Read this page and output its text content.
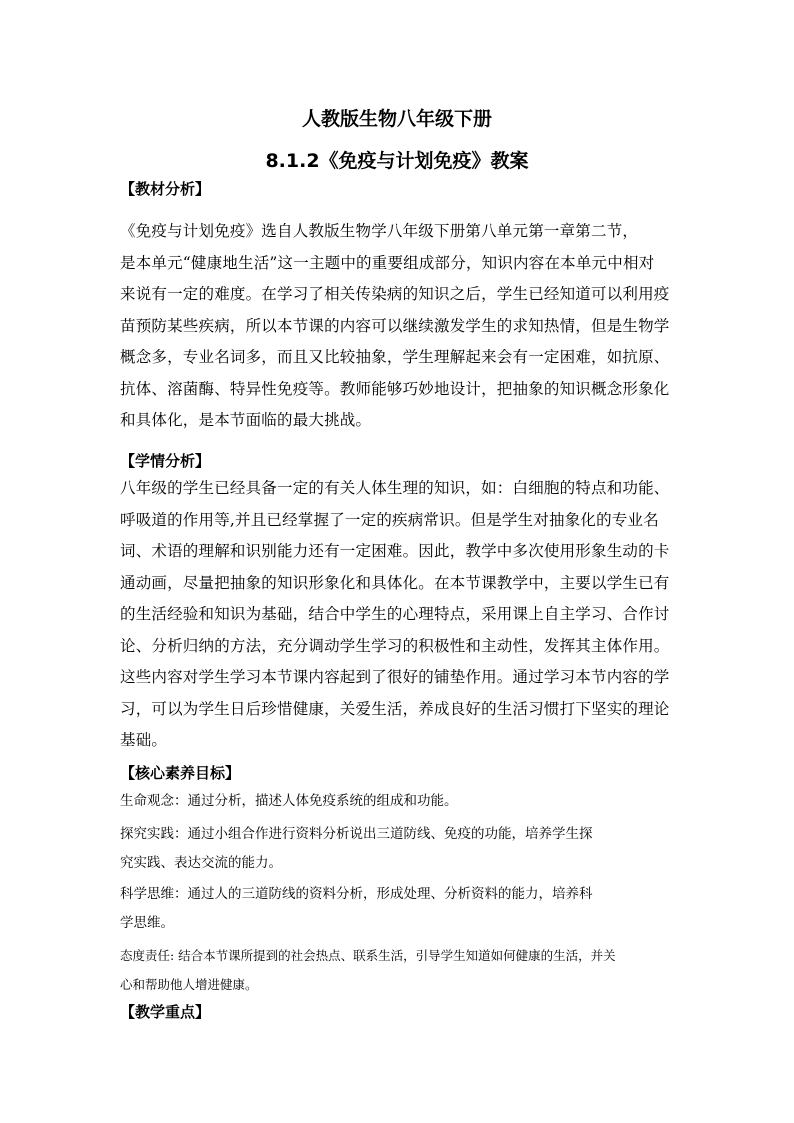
人教版生物八年级下册
8.1.2《免疫与计划免疫》教案
【教材分析】

《免疫与计划免疫》选自人教版生物学八年级下册第八单元第一章第二节，
是本单元“健康地生活”这一主题中的重要组成部分，知识内容在本单元中相对
来说有一定的难度。在学习了相关传染病的知识之后，学生已经知道可以利用疫
苗预防某些疾病，所以本节课的内容可以继续激发学生的求知热情，但是生物学
概念多，专业名词多，而且又比较抽象，学生理解起来会有一定困难，如抗原、
抗体、溶菌酶、特异性免疫等。教师能够巧妙地设计，把抽象的知识概念形象化
和具体化，是本节面临的最大挑战。

【学情分析】

八年级的学生已经具备一定的有关人体生理的知识，如：白细胞的特点和功能、
呼吸道的作用等,并且已经掌握了一定的疾病常识。但是学生对抽象化的专业名
词、术语的理解和识别能力还有一定困难。因此，教学中多次使用形象生动的卡
通动画，尽量把抽象的知识形象化和具体化。在本节课教学中，主要以学生已有
的生活经验和知识为基础，结合中学生的心理特点，采用课上自主学习、合作讨
论、分析归纳的方法，充分调动学生学习的积极性和主动性，发挥其主体作用。
这些内容对学生学习本节课内容起到了很好的铺垫作用。通过学习本节内容的学
习，可以为学生日后珍惜健康，关爱生活，养成良好的生活习惯打下坚实的理论
基础。

【核心素养目标】
生命观念：通过分析，描述人体免疫系统的组成和功能。
探究实践：通过小组合作进行资料分析说出三道防线、免疫的功能，培养学生探
究实践、表达交流的能力。
科学思维：通过人的三道防线的资料分析，形成处理、分析资料的能力，培养科
学思维。
态度责任: 结合本节课所提到的社会热点、联系生活，引导学生知道如何健康的生活，并关
心和帮助他人增进健康。
【教学重点】
